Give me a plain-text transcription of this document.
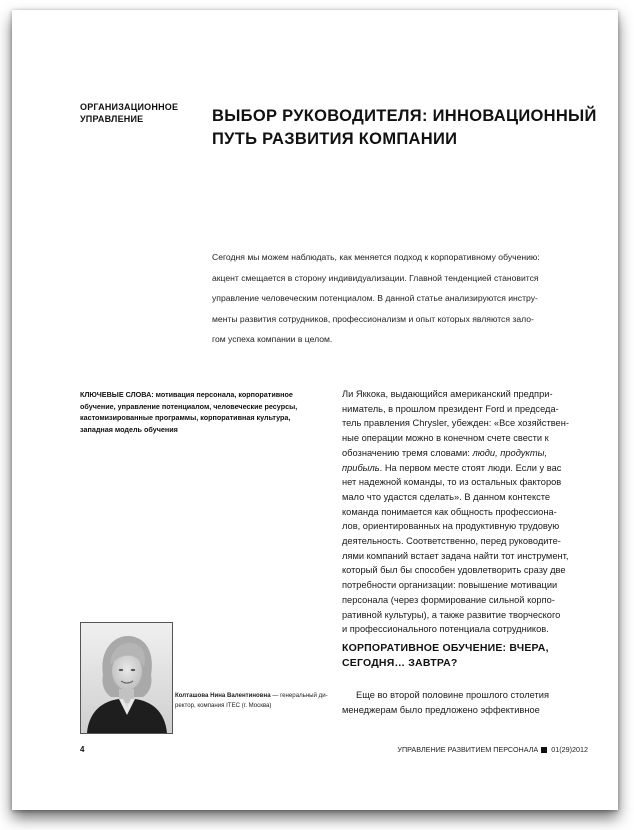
ОРГАНИЗАЦИОННОЕ
УПРАВЛЕНИЕ	ВЫБОР РУКОВОДИТЕЛЯ: ИННОВАЦИОННЫЙ
ПУТЬ РАЗВИТИЯ КОМПАНИИ

Сегодня мы можем наблюдать, как меняется подход к корпоративному обучению:
акцент смещается в сторону индивидуализации. Главной тенденцией становится
управление человеческим потенциалом. В данной статье анализируются инстру-
менты развития сотрудников, профессионализм и опыт которых являются зало-
гом успеха компании в целом.

КЛЮЧЕВЫЕ СЛОВА: мотивация персонала, корпоративное
обучение, управление потенциалом, человеческие ресурсы,
кастомизированные программы, корпоративная культура,
западная модель обучения

Ли Яккока, выдающийся американский предпри-
ниматель, в прошлом президент Ford и председа-
тель правления Chrysler, убежден: «Все хозяйствен-
ные операции можно в конечном счете свести к
обозначению тремя словами: люди, продукты,
прибыль. На первом месте стоят люди. Если у вас
нет надежной команды, то из остальных факторов
мало что удастся сделать». В данном контексте
команда понимается как общность профессиона-
лов, ориентированных на продуктивную трудовую
деятельность. Соответственно, перед руководите-
лями компаний встает задача найти тот инструмент,
который был бы способен удовлетворить сразу две
потребности организации: повышение мотивации
персонала (через формирование сильной корпо-
ративной культуры), а также развитие творческого
и профессионального потенциала сотрудников.

КОРПОРАТИВНОЕ ОБУЧЕНИЕ: ВЧЕРА,
СЕГОДНЯ… ЗАВТРА?

Еще во второй половине прошлого столетия
менеджерам было предложено эффективное

Колташова Нина Валентиновна — генеральный ди-
ректор, компания ITEC (г. Москва)

4	УПРАВЛЕНИЕ РАЗВИТИЕМ ПЕРСОНАЛА 01(29)2012
